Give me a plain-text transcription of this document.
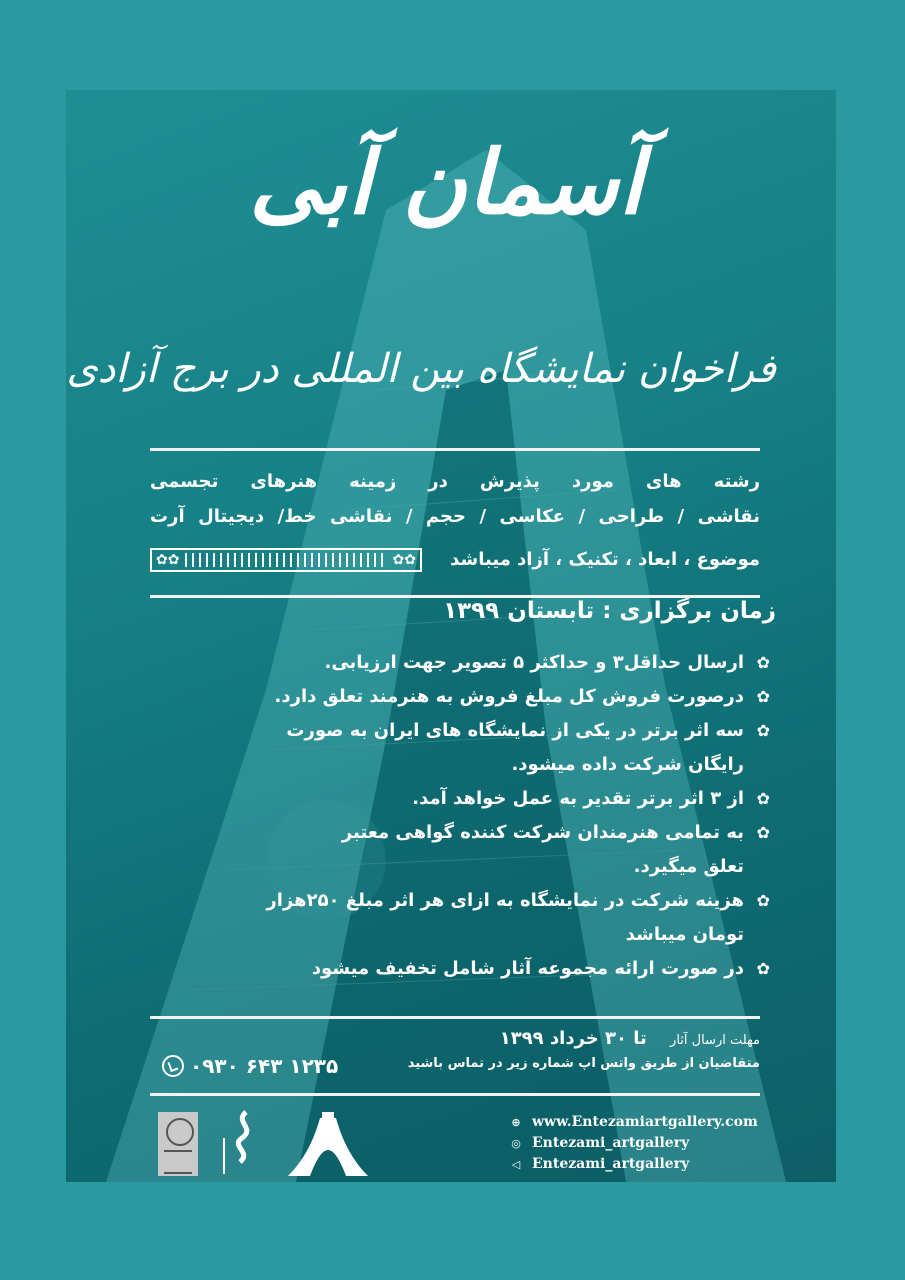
آسمان آبی
فراخوان نمایشگاه بین المللی در برج آزادی
رشته های مورد پذیرش در زمینه هنرهای تجسمی
نقاشی / طراحی / عکاسی / حجم / نقاشی خط/ دیجیتال آرت
موضوع ، ابعاد ، تکنیک ، آزاد میباشد
✿ ✿	✿ ✿
زمان برگزاری : تابستان ۱۳۹۹
✿
ارسال حداقل۳ و حداکثر ۵ تصویر جهت ارزیابی.
✿
درصورت فروش کل مبلغ فروش به هنرمند تعلق دارد.
✿
سه اثر برتر در یکی از نمایشگاه های ایران به صورت
رایگان شرکت داده میشود.
✿
از ۳ اثر برتر تقدیر به عمل خواهد آمد.
✿
به تمامی هنرمندان شرکت کننده گواهی معتبر
تعلق میگیرد.
✿
هزینه شرکت در نمایشگاه به ازای هر اثر مبلغ ۲۵۰هزار
تومان میباشد
✿
در صورت ارائه مجموعه آثار شامل تخفیف میشود
مهلت ارسال آثار تا ۳۰ خرداد ۱۳۹۹
متقاضیان از طریق واتس اپ شماره زیر در تماس باشید
۰۹۳۰ ۶۴۳ ۱۲۳۵
⊕ www.Entezamiartgallery.com
◎ Entezami_artgallery
◁ Entezami_artgallery
